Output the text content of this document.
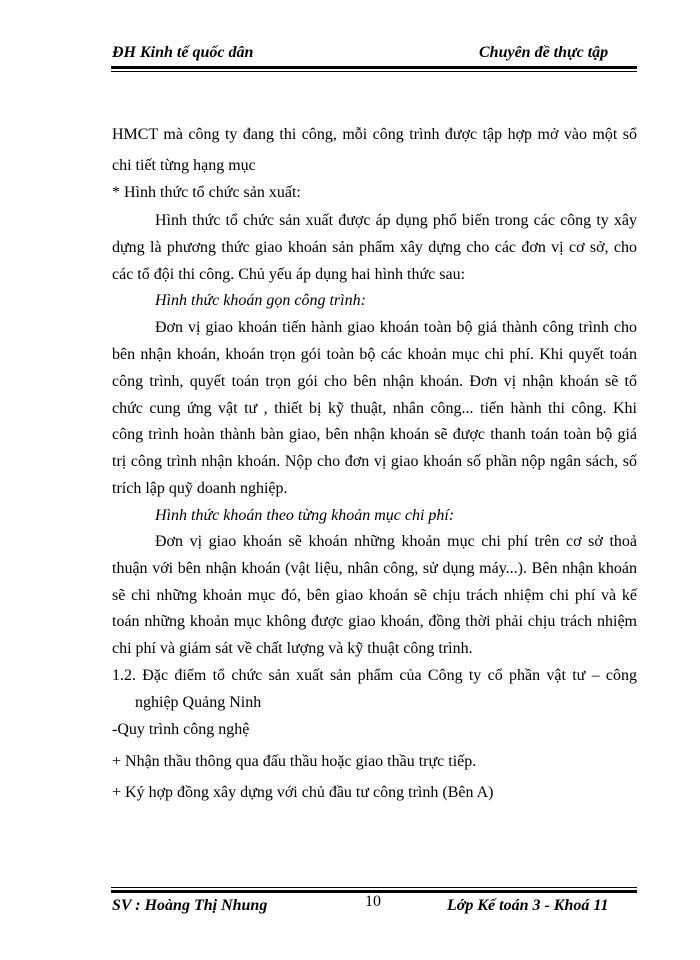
ĐH Kinh tế quốc dân	Chuyên đề thực tập
HMCT mà công ty đang thi công, mỗi công trình được tập hợp mở vào một sổ
chi tiết từng hạng mục
* Hình thức tổ chức sản xuất:
Hình thức tổ chức sản xuất được áp dụng phổ biến trong các công ty xây
dựng là phương thức giao khoán sản phẩm xây dựng cho các đơn vị cơ sở, cho
các tổ đội thi công. Chủ yếu áp dụng hai hình thức sau:
Hình thức khoán gọn công trình:
Đơn vị giao khoán tiến hành giao khoán toàn bộ giá thành công trình cho
bên nhận khoán, khoán trọn gói toàn bộ các khoản mục chi phí. Khi quyết toán
công trình, quyết toán trọn gói cho bên nhận khoán. Đơn vị nhận khoán sẽ tổ
chức cung ứng vật tư , thiết bị kỹ thuật, nhân công... tiến hành thi công. Khi
công trình hoàn thành bàn giao, bên nhận khoán sẽ được thanh toán toàn bộ giá
trị công trình nhận khoán. Nộp cho đơn vị giao khoán số phần nộp ngân sách, số
trích lập quỹ doanh nghiệp.
Hình thức khoán theo từng khoản mục chi phí:
Đơn vị giao khoán sẽ khoán những khoản mục chi phí trên cơ sở thoả
thuận với bên nhận khoán (vật liệu, nhân công, sử dụng máy...). Bên nhận khoán
sẽ chi những khoản mục đó, bên giao khoán sẽ chịu trách nhiệm chi phí và kế
toán những khoản mục không được giao khoán, đồng thời phải chịu trách nhiệm
chi phí và giám sát về chất lượng và kỹ thuật công trình.
1.2. Đặc điểm tổ chức sản xuất sản phẩm của Công ty cổ phần vật tư – công
nghiệp Quảng Ninh
-Quy trình công nghệ
+ Nhận thầu thông qua đấu thầu hoặc giao thầu trực tiếp.
+ Ký hợp đồng xây dựng với chủ đầu tư công trình (Bên A)
SV : Hoàng Thị Nhung	10	Lớp Kế toán 3 - Khoá 11
